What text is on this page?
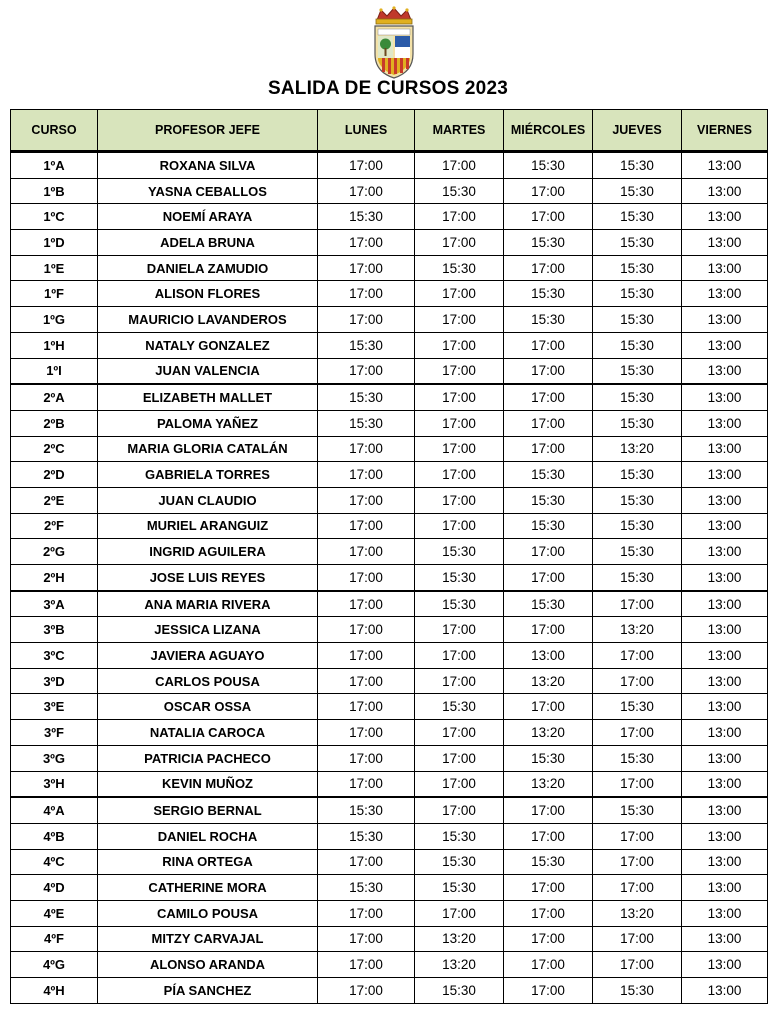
SALIDA DE CURSOS 2023
CURSO	PROFESOR JEFE	LUNES	MARTES	MIÉRCOLES	JUEVES	VIERNES
1ºA	ROXANA SILVA	17:00	17:00	15:30	15:30	13:00
1ºB	YASNA CEBALLOS	17:00	15:30	17:00	15:30	13:00
1ºC	NOEMÍ ARAYA	15:30	17:00	17:00	15:30	13:00
1ºD	ADELA BRUNA	17:00	17:00	15:30	15:30	13:00
1ºE	DANIELA ZAMUDIO	17:00	15:30	17:00	15:30	13:00
1ºF	ALISON FLORES	17:00	17:00	15:30	15:30	13:00
1ºG	MAURICIO LAVANDEROS	17:00	17:00	15:30	15:30	13:00
1ºH	NATALY GONZALEZ	15:30	17:00	17:00	15:30	13:00
1ºI	JUAN VALENCIA	17:00	17:00	17:00	15:30	13:00
2ºA	ELIZABETH MALLET	15:30	17:00	17:00	15:30	13:00
2ºB	PALOMA YAÑEZ	15:30	17:00	17:00	15:30	13:00
2ºC	MARIA GLORIA CATALÁN	17:00	17:00	17:00	13:20	13:00
2ºD	GABRIELA TORRES	17:00	17:00	15:30	15:30	13:00
2ºE	JUAN CLAUDIO	17:00	17:00	15:30	15:30	13:00
2ºF	MURIEL ARANGUIZ	17:00	17:00	15:30	15:30	13:00
2ºG	INGRID AGUILERA	17:00	15:30	17:00	15:30	13:00
2ºH	JOSE LUIS REYES	17:00	15:30	17:00	15:30	13:00
3ºA	ANA MARIA RIVERA	17:00	15:30	15:30	17:00	13:00
3ºB	JESSICA LIZANA	17:00	17:00	17:00	13:20	13:00
3ºC	JAVIERA AGUAYO	17:00	17:00	13:00	17:00	13:00
3ºD	CARLOS POUSA	17:00	17:00	13:20	17:00	13:00
3ºE	OSCAR OSSA	17:00	15:30	17:00	15:30	13:00
3ºF	NATALIA CAROCA	17:00	17:00	13:20	17:00	13:00
3ºG	PATRICIA PACHECO	17:00	17:00	15:30	15:30	13:00
3ºH	KEVIN MUÑOZ	17:00	17:00	13:20	17:00	13:00
4ºA	SERGIO BERNAL	15:30	17:00	17:00	15:30	13:00
4ºB	DANIEL ROCHA	15:30	15:30	17:00	17:00	13:00
4ºC	RINA ORTEGA	17:00	15:30	15:30	17:00	13:00
4ºD	CATHERINE MORA	15:30	15:30	17:00	17:00	13:00
4ºE	CAMILO POUSA	17:00	17:00	17:00	13:20	13:00
4ºF	MITZY CARVAJAL	17:00	13:20	17:00	17:00	13:00
4ºG	ALONSO ARANDA	17:00	13:20	17:00	17:00	13:00
4ºH	PÍA SANCHEZ	17:00	15:30	17:00	15:30	13:00
